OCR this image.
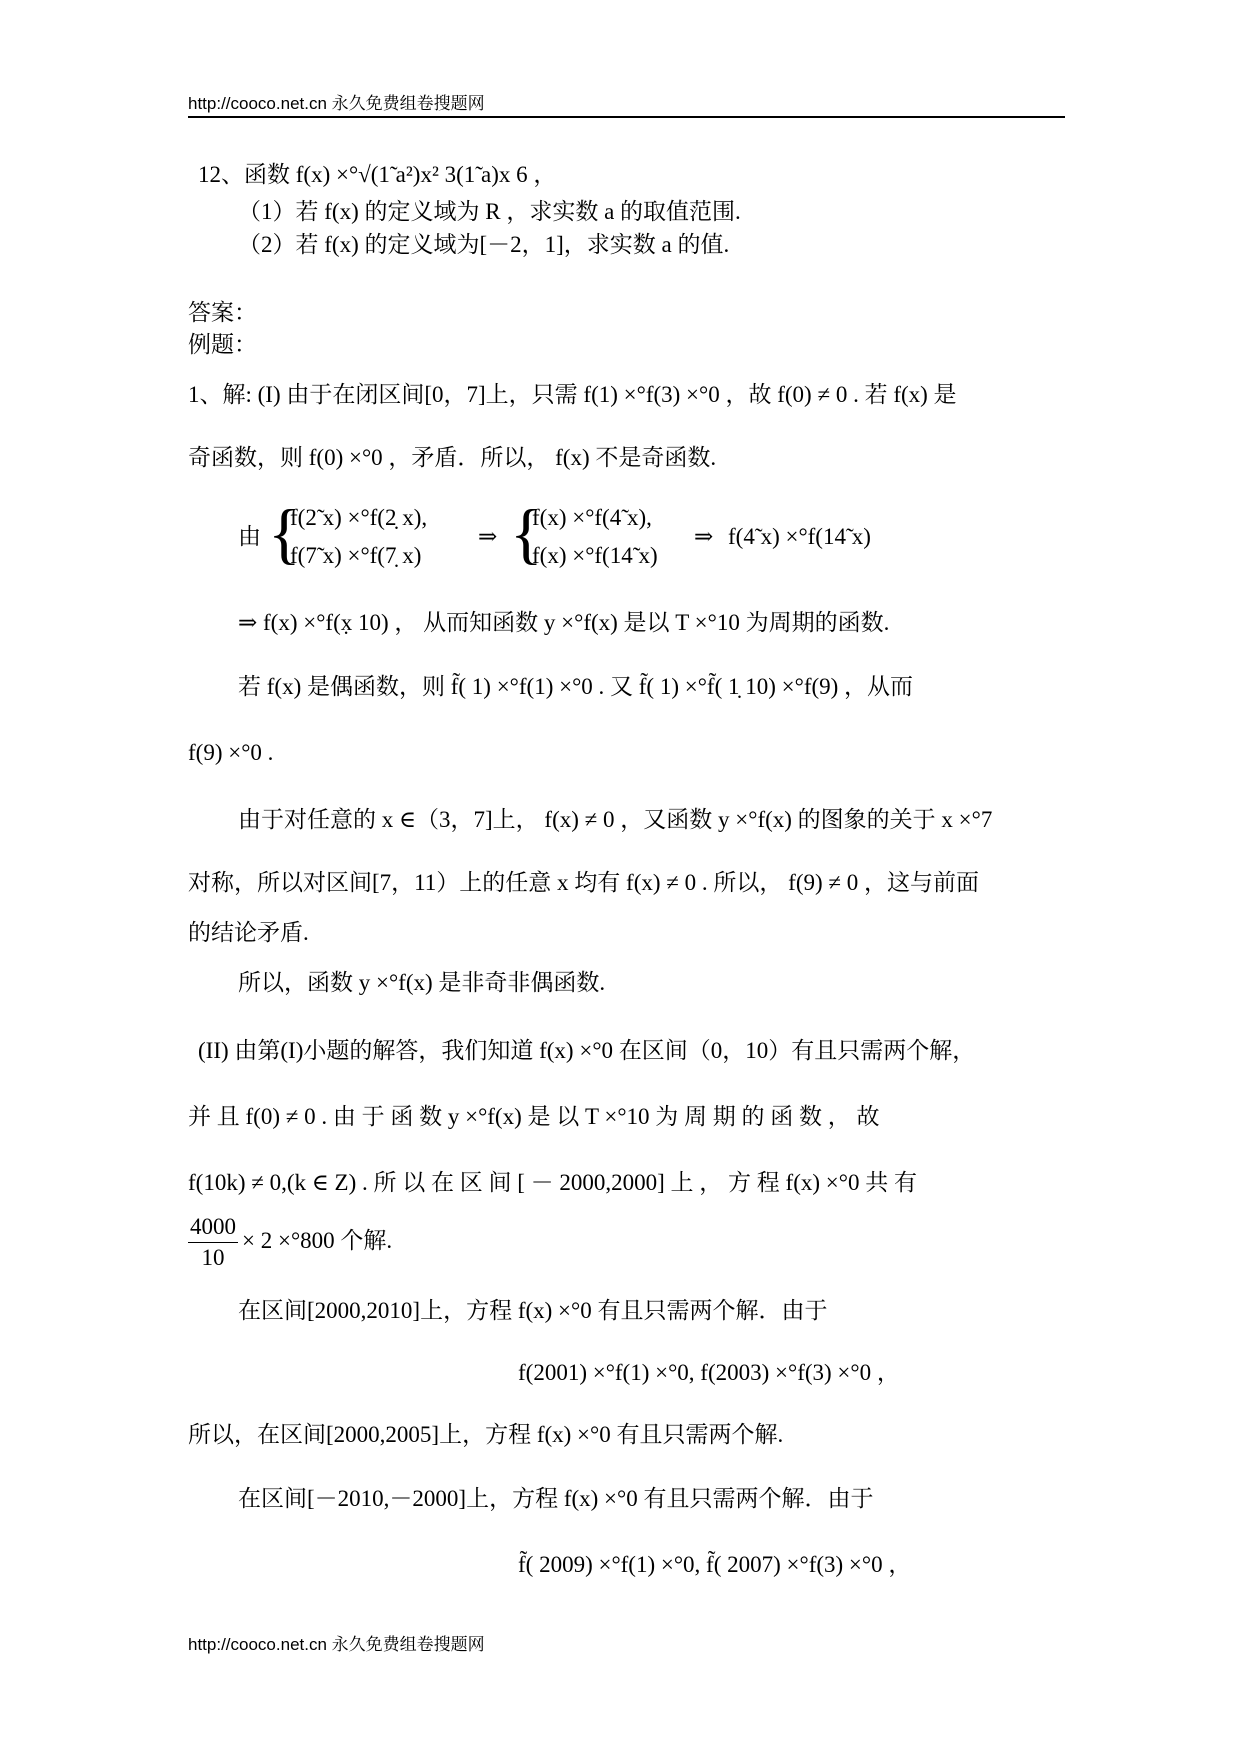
http://cooco.net.cn 永久免费组卷搜题网
12、函数 f(x) ×°√(1̃ a²)x² 3(1̃ a)x 6 ，
（1）若 f(x) 的定义域为 R ，求实数 a 的取值范围.
（2）若 f(x) 的定义域为[－2，1]，求实数 a 的值.
答案：
例题：
1、解: (I) 由于在闭区间[0，7]上，只需 f(1) ×°f(3) ×°0 ，故 f(0) ≠ 0 . 若 f(x) 是
奇函数，则 f(0) ×°0 ，矛盾．所以， f(x) 不是奇函数.
由 {
f(2̃ x) ×°f(2̣ x),
f(7̃ x) ×°f(7̣ x)
⇒ {
f(x) ×°f(4̃ x),
f(x) ×°f(14̃ x)
⇒ f(4̃ x) ×°f(14̃ x)
⇒ f(x) ×°f(x̣ 10) ， 从而知函数 y ×°f(x) 是以 T ×°10 为周期的函数.
若 f(x) 是偶函数，则 f̃( 1) ×°f(1) ×°0 . 又 f̃( 1) ×°f̃( 1̣ 10) ×°f(9) ，从而
f(9) ×°0 .
由于对任意的 x ∈（3，7]上， f(x) ≠ 0 ，又函数 y ×°f(x) 的图象的关于 x ×°7
对称，所以对区间[7，11）上的任意 x 均有 f(x) ≠ 0 . 所以， f(9) ≠ 0 ，这与前面
的结论矛盾.
所以，函数 y ×°f(x) 是非奇非偶函数.
(II) 由第(I)小题的解答，我们知道 f(x) ×°0 在区间（0，10）有且只需两个解，
并 且 f(0) ≠ 0 . 由 于 函 数 y ×°f(x) 是 以 T ×°10 为 周 期 的 函 数 ， 故
f(10k) ≠ 0,(k ∈ Z) . 所 以 在 区 间 [ － 2000,2000] 上 ， 方 程 f(x) ×°0 共 有
$\frac{4000}{10} \times 2 \times^\circ 800$ 个解.
在区间[2000,2010]上，方程 f(x) ×°0 有且只需两个解．由于
f(2001) ×°f(1) ×°0, f(2003) ×°f(3) ×°0 ，
所以，在区间[2000,2005]上，方程 f(x) ×°0 有且只需两个解.
在区间[－2010,－2000]上，方程 f(x) ×°0 有且只需两个解．由于
f̃( 2009) ×°f(1) ×°0, f̃( 2007) ×°f(3) ×°0 ，
http://cooco.net.cn 永久免费组卷搜题网
